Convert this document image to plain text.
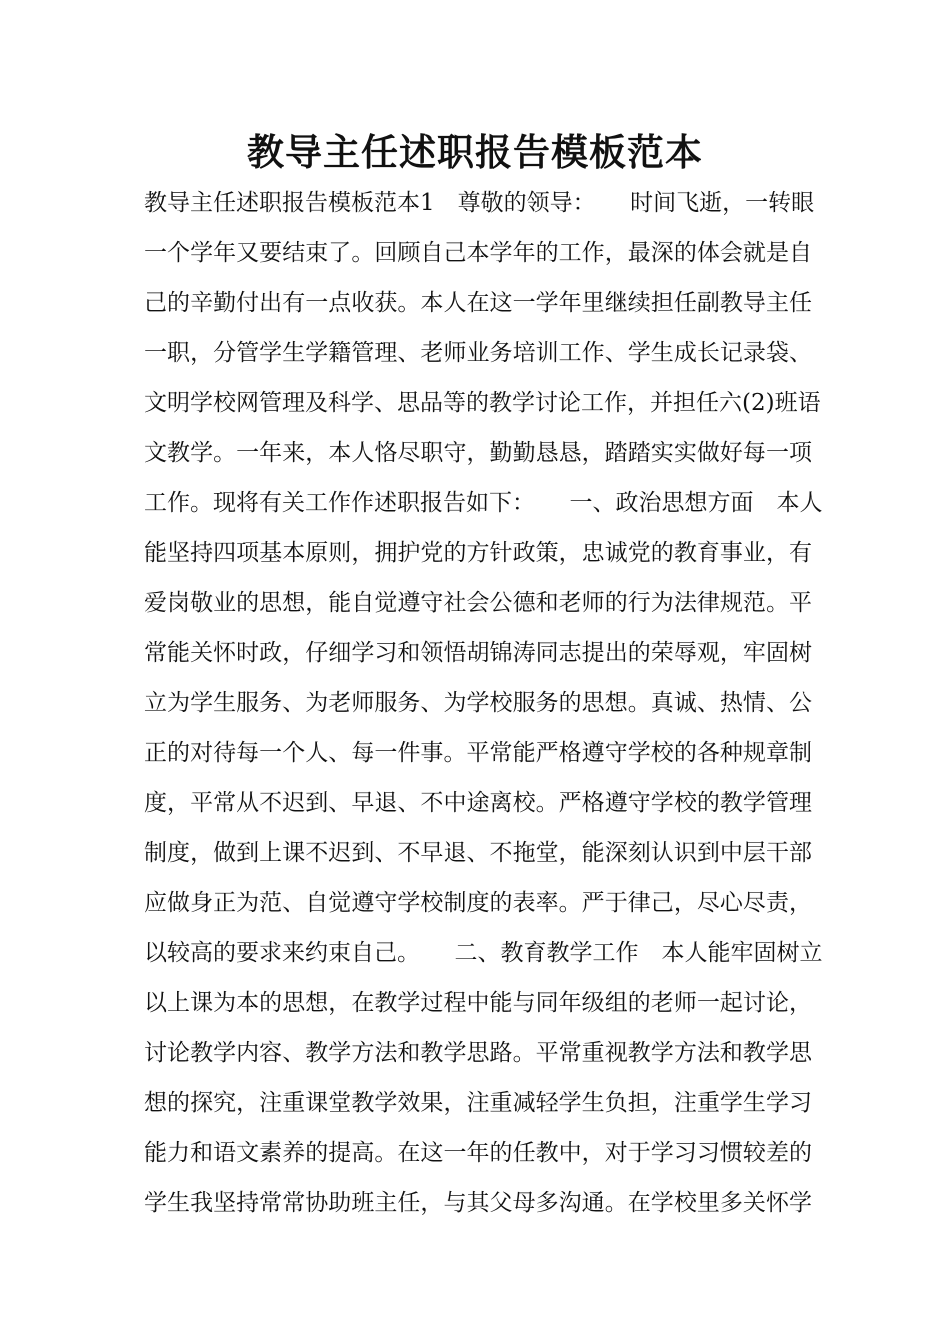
教导主任述职报告模板范本
教导主任述职报告模板范本1　尊敬的领导：　　时间飞逝，一转眼
一个学年又要结束了。回顾自己本学年的工作，最深的体会就是自
己的辛勤付出有一点收获。本人在这一学年里继续担任副教导主任
一职，分管学生学籍管理、老师业务培训工作、学生成长记录袋、
文明学校网管理及科学、思品等的教学讨论工作，并担任六(2)班语
文教学。一年来，本人恪尽职守，勤勤恳恳，踏踏实实做好每一项
工作。现将有关工作作述职报告如下：　　一、政治思想方面　本人
能坚持四项基本原则，拥护党的方针政策，忠诚党的教育事业，有
爱岗敬业的思想，能自觉遵守社会公德和老师的行为法律规范。平
常能关怀时政，仔细学习和领悟胡锦涛同志提出的荣辱观，牢固树
立为学生服务、为老师服务、为学校服务的思想。真诚、热情、公
正的对待每一个人、每一件事。平常能严格遵守学校的各种规章制
度，平常从不迟到、早退、不中途离校。严格遵守学校的教学管理
制度，做到上课不迟到、不早退、不拖堂，能深刻认识到中层干部
应做身正为范、自觉遵守学校制度的表率。严于律己，尽心尽责，
以较高的要求来约束自己。　　二、教育教学工作　本人能牢固树立
以上课为本的思想，在教学过程中能与同年级组的老师一起讨论，
讨论教学内容、教学方法和教学思路。平常重视教学方法和教学思
想的探究，注重课堂教学效果，注重减轻学生负担，注重学生学习
能力和语文素养的提高。在这一年的任教中，对于学习习惯较差的
学生我坚持常常协助班主任，与其父母多沟通。在学校里多关怀学
